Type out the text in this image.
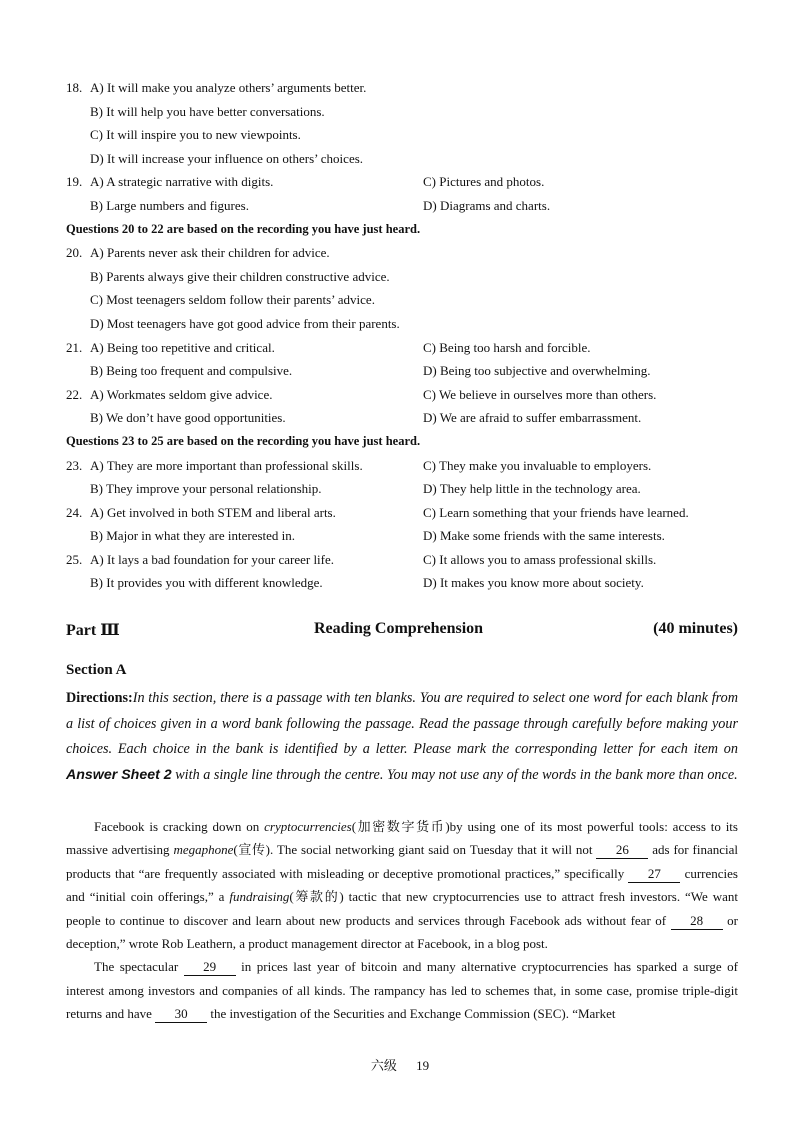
18. A) It will make you analyze others’ arguments better.
B) It will help you have better conversations.
C) It will inspire you to new viewpoints.
D) It will increase your influence on others’ choices.
19. A) A strategic narrative with digits.	C) Pictures and photos.
B) Large numbers and figures.	D) Diagrams and charts.
Questions 20 to 22 are based on the recording you have just heard.
20. A) Parents never ask their children for advice.
B) Parents always give their children constructive advice.
C) Most teenagers seldom follow their parents’ advice.
D) Most teenagers have got good advice from their parents.
21. A) Being too repetitive and critical.	C) Being too harsh and forcible.
B) Being too frequent and compulsive.	D) Being too subjective and overwhelming.
22. A) Workmates seldom give advice.	C) We believe in ourselves more than others.
B) We don’t have good opportunities.	D) We are afraid to suffer embarrassment.
Questions 23 to 25 are based on the recording you have just heard.
23. A) They are more important than professional skills.	C) They make you invaluable to employers.
B) They improve your personal relationship.	D) They help little in the technology area.
24. A) Get involved in both STEM and liberal arts.	C) Learn something that your friends have learned.
B) Major in what they are interested in.	D) Make some friends with the same interests.
25. A) It lays a bad foundation for your career life.	C) It allows you to amass professional skills.
B) It provides you with different knowledge.	D) It makes you know more about society.
Part Ⅲ	Reading Comprehension	(40 minutes)
Section A
Directions:In this section, there is a passage with ten blanks. You are required to select one word for each blank from a list of choices given in a word bank following the passage. Read the passage through carefully before making your choices. Each choice in the bank is identified by a letter. Please mark the corresponding letter for each item on Answer Sheet 2 with a single line through the centre. You may not use any of the words in the bank more than once.

Facebook is cracking down on cryptocurrencies(加密数字货币)by using one of its most powerful tools: access to its massive advertising megaphone(宣传). The social networking giant said on Tuesday that it will not 26 ads for financial products that “are frequently associated with misleading or deceptive promotional practices,” specifically 27 currencies and “initial coin offerings,” a fundraising(筹款的) tactic that new cryptocurrencies use to attract fresh investors. “We want people to continue to discover and learn about new products and services through Facebook ads without fear of 28 or deception,” wrote Rob Leathern, a product management director at Facebook, in a blog post.

The spectacular 29 in prices last year of bitcoin and many alternative cryptocurrencies has sparked a surge of interest among investors and companies of all kinds. The rampancy has led to schemes that, in some case, promise triple-digit returns and have 30 the investigation of the Securities and Exchange Commission (SEC). “Market

六级 19
